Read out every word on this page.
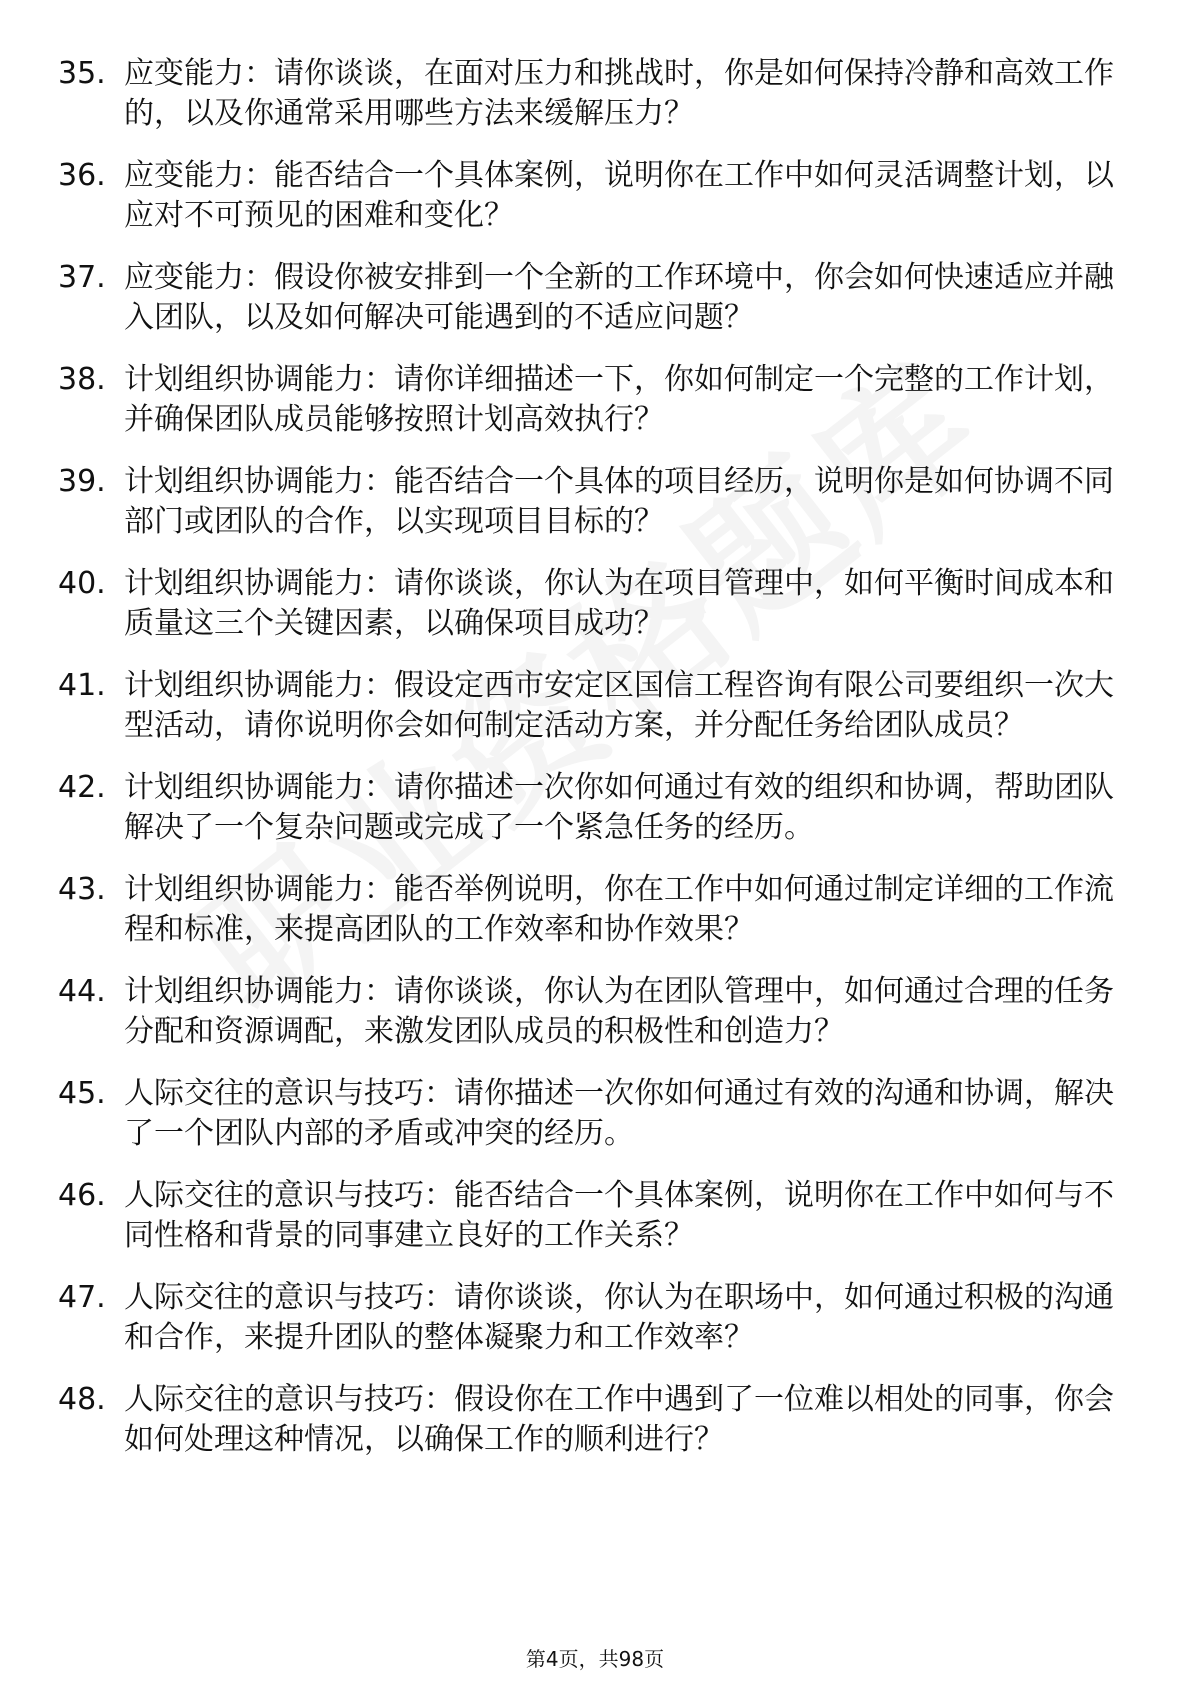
35. 应变能力：请你谈谈，在面对压力和挑战时，你是如何保持冷静和高效工作的，以及你通常采用哪些方法来缓解压力？
36. 应变能力：能否结合一个具体案例，说明你在工作中如何灵活调整计划，以应对不可预见的困难和变化？
37. 应变能力：假设你被安排到一个全新的工作环境中，你会如何快速适应并融入团队，以及如何解决可能遇到的不适应问题？
38. 计划组织协调能力：请你详细描述一下，你如何制定一个完整的工作计划，并确保团队成员能够按照计划高效执行？
39. 计划组织协调能力：能否结合一个具体的项目经历，说明你是如何协调不同部门或团队的合作，以实现项目目标的？
40. 计划组织协调能力：请你谈谈，你认为在项目管理中，如何平衡时间成本和质量这三个关键因素，以确保项目成功？
41. 计划组织协调能力：假设定西市安定区国信工程咨询有限公司要组织一次大型活动，请你说明你会如何制定活动方案，并分配任务给团队成员？
42. 计划组织协调能力：请你描述一次你如何通过有效的组织和协调，帮助团队解决了一个复杂问题或完成了一个紧急任务的经历。
43. 计划组织协调能力：能否举例说明，你在工作中如何通过制定详细的工作流程和标准，来提高团队的工作效率和协作效果？
44. 计划组织协调能力：请你谈谈，你认为在团队管理中，如何通过合理的任务分配和资源调配，来激发团队成员的积极性和创造力？
45. 人际交往的意识与技巧：请你描述一次你如何通过有效的沟通和协调，解决了一个团队内部的矛盾或冲突的经历。
46. 人际交往的意识与技巧：能否结合一个具体案例，说明你在工作中如何与不同性格和背景的同事建立良好的工作关系？
47. 人际交往的意识与技巧：请你谈谈，你认为在职场中，如何通过积极的沟通和合作，来提升团队的整体凝聚力和工作效率？
48. 人际交往的意识与技巧：假设你在工作中遇到了一位难以相处的同事，你会如何处理这种情况，以确保工作的顺利进行？
第4页，共98页
